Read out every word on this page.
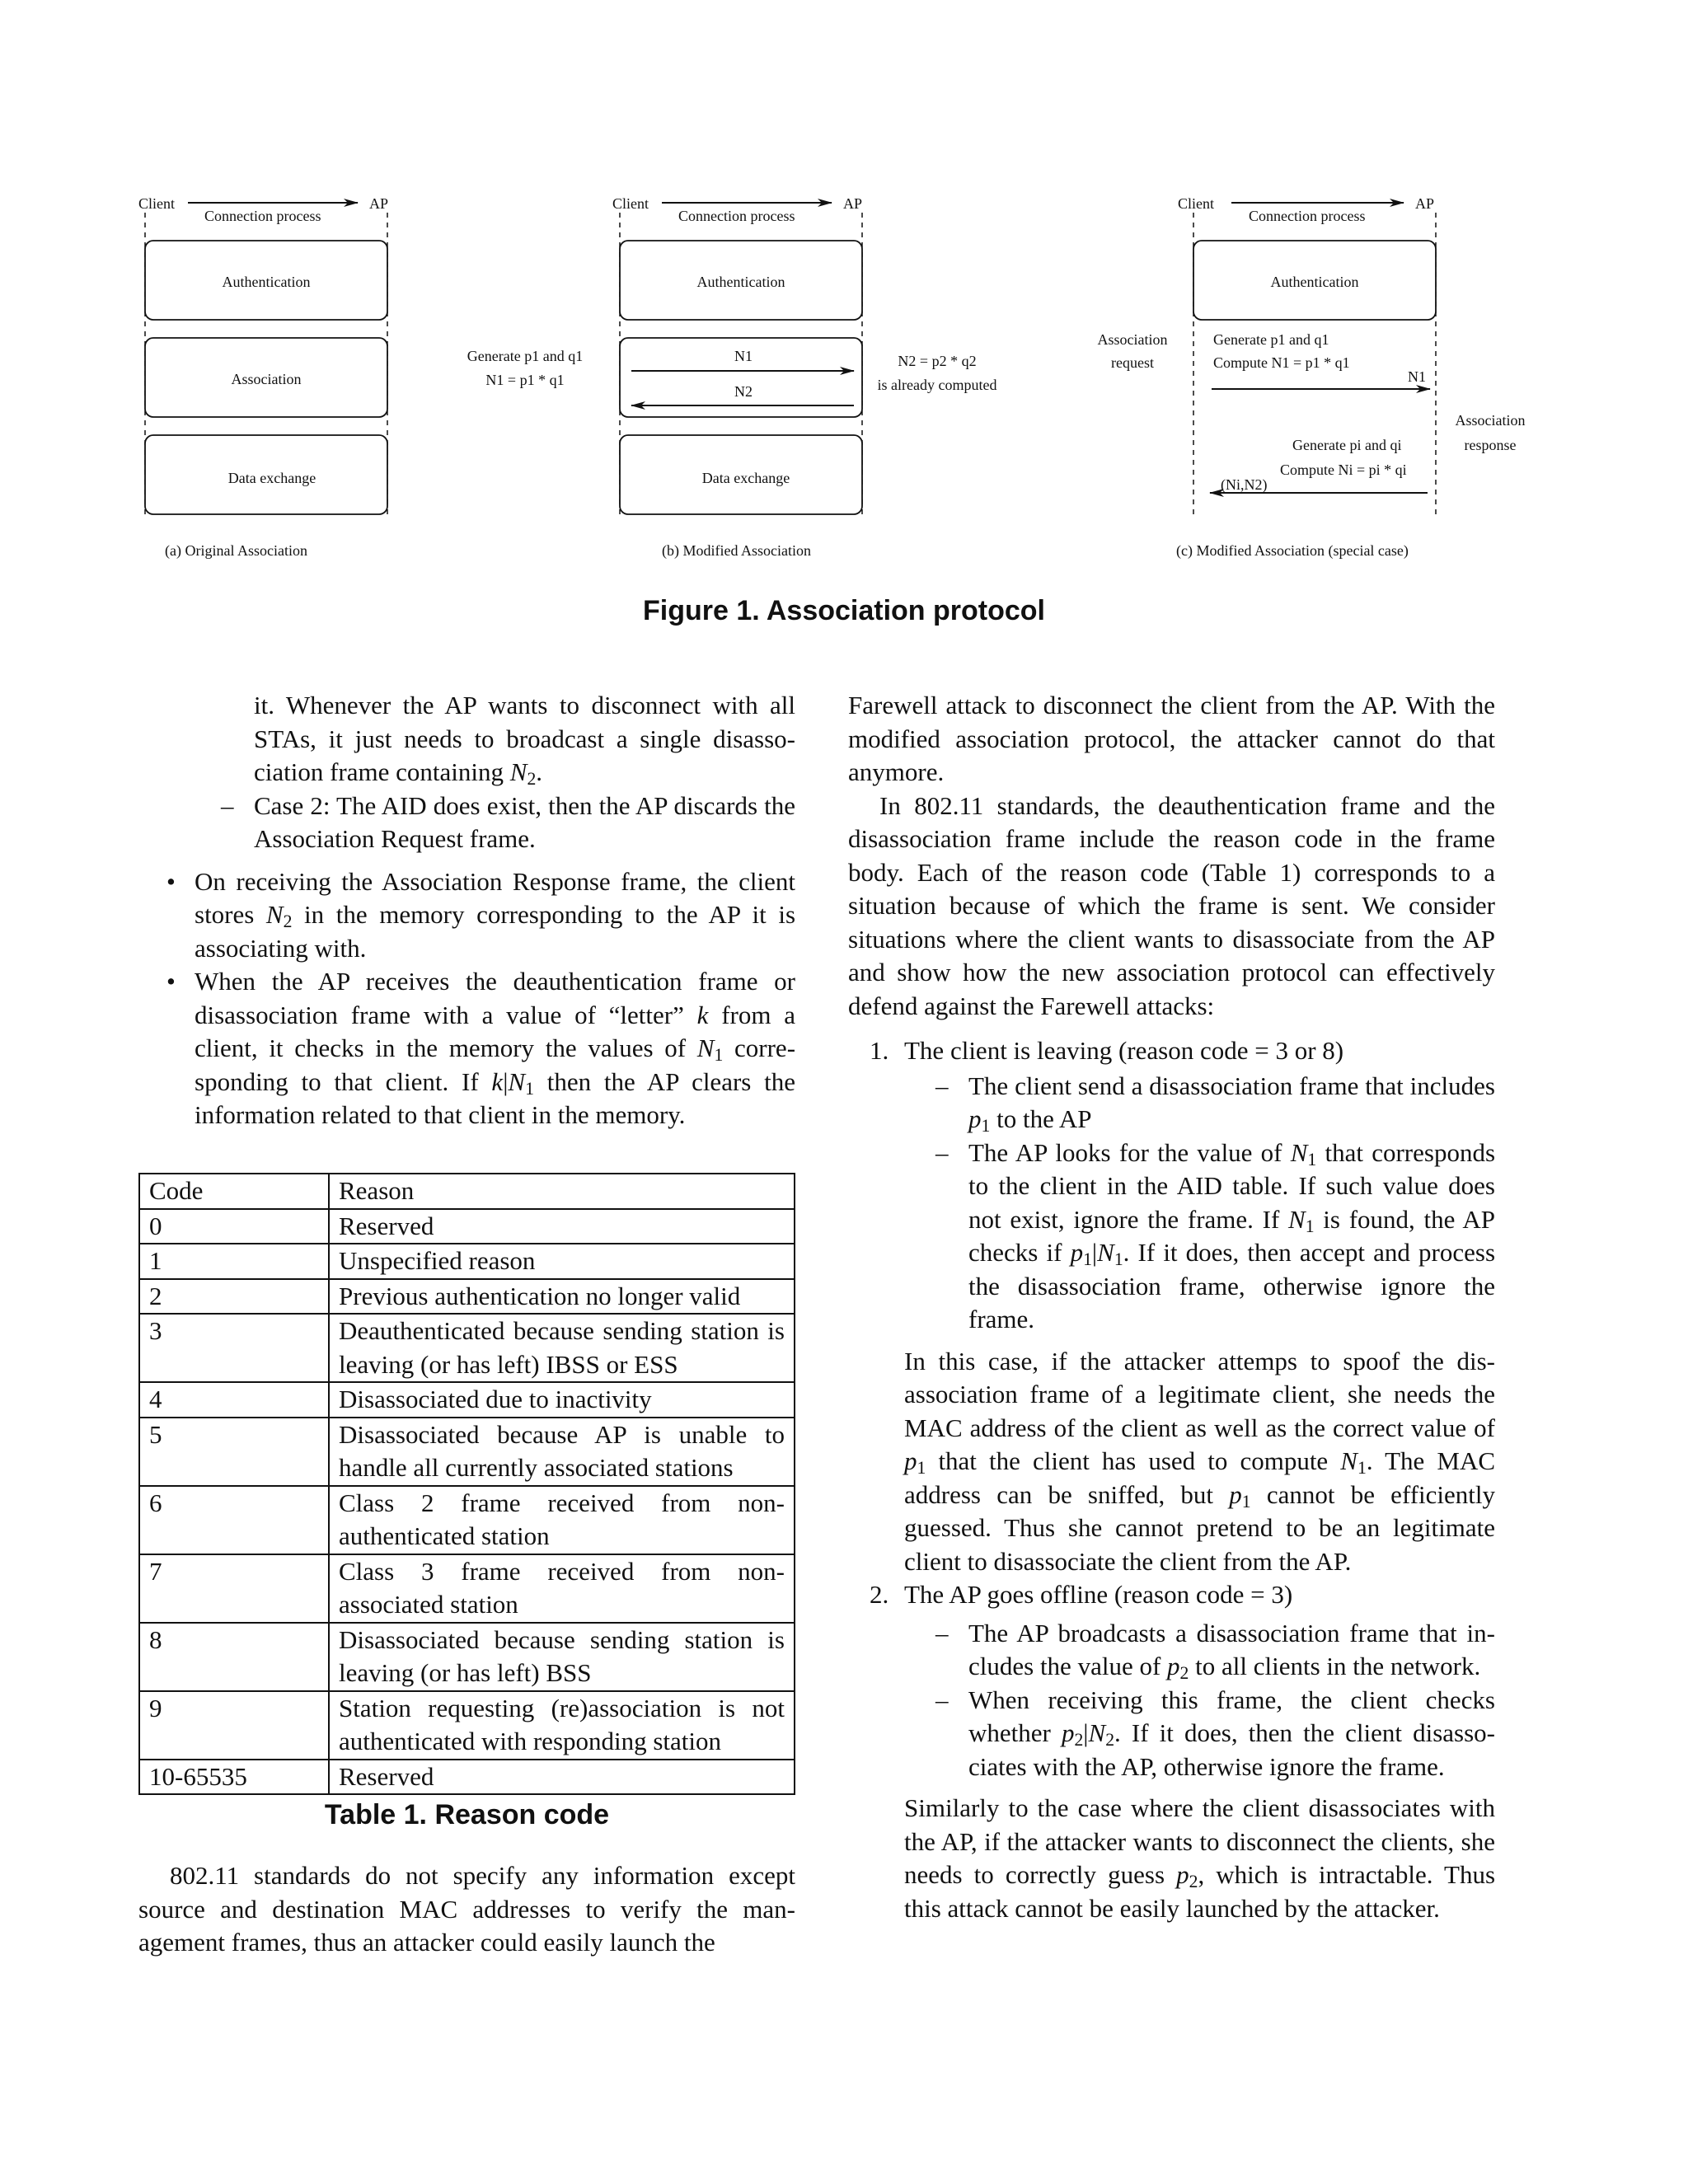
Client	AP
Connection process
Authentication
Association
Data exchange
(a) Original Association
Client	AP
Connection process
Authentication
N1
N2
Generate p1 and q1
N1 = p1 * q1
N2 = p2 * q2
is already computed
Data exchange
(b) Modified Association
Client	AP
Connection process
Authentication
Association
request
Generate p1 and q1
Compute N1 = p1 * q1
N1
Association
response
Generate pi and qi
Compute Ni = pi * qi
(Ni,N2)
(c) Modified Association (special case)
Figure 1. Association protocol

it. Whenever the AP wants to disconnect with all STAs, it just needs to broadcast a single disassociation frame containing $N_2$.

– Case 2: The AID does exist, then the AP discards the Association Request frame.

• On receiving the Association Response frame, the client stores $N_2$ in the memory corresponding to the AP it is associating with.

• When the AP receives the deauthentication frame or disassociation frame with a value of “letter” k from a client, it checks in the memory the values of $N_1$ corresponding to that client. If $k|N_1$ then the AP clears the information related to that client in the memory.

Code	Reason
0	Reserved
1	Unspecified reason
2	Previous authentication no longer valid
3	Deauthenticated because sending station is leaving (or has left) IBSS or ESS
4	Disassociated due to inactivity
5	Disassociated because AP is unable to handle all currently associated stations
6	Class 2 frame received from non-authenticated station
7	Class 3 frame received from non-associated station
8	Disassociated because sending station is leaving (or has left) BSS
9	Station requesting (re)association is not authenticated with responding station
10-65535	Reserved
Table 1. Reason code

802.11 standards do not specify any information except source and destination MAC addresses to verify the management frames, thus an attacker could easily launch the

Farewell attack to disconnect the client from the AP. With the modified association protocol, the attacker cannot do that anymore.

In 802.11 standards, the deauthentication frame and the disassociation frame include the reason code in the frame body. Each of the reason code (Table 1) corresponds to a situation because of which the frame is sent. We consider situations where the client wants to disassociate from the AP and show how the new association protocol can effectively defend against the Farewell attacks:

1. The client is leaving (reason code = 3 or 8)

– The client send a disassociation frame that includes $p_1$ to the AP

– The AP looks for the value of $N_1$ that corresponds to the client in the AID table. If such value does not exist, ignore the frame. If $N_1$ is found, the AP checks if $p_1|N_1$. If it does, then accept and process the disassociation frame, otherwise ignore the frame.

In this case, if the attacker attemps to spoof the disassociation frame of a legitimate client, she needs the MAC address of the client as well as the correct value of $p_1$ that the client has used to compute $N_1$. The MAC address can be sniffed, but $p_1$ cannot be efficiently guessed. Thus she cannot pretend to be an legitimate client to disassociate the client from the AP.

2. The AP goes offline (reason code = 3)

– The AP broadcasts a disassociation frame that includes the value of $p_2$ to all clients in the network.

– When receiving this frame, the client checks whether $p_2|N_2$. If it does, then the client disassociates with the AP, otherwise ignore the frame.

Similarly to the case where the client disassociates with the AP, if the attacker wants to disconnect the clients, she needs to correctly guess $p_2$, which is intractable. Thus this attack cannot be easily launched by the attacker.
